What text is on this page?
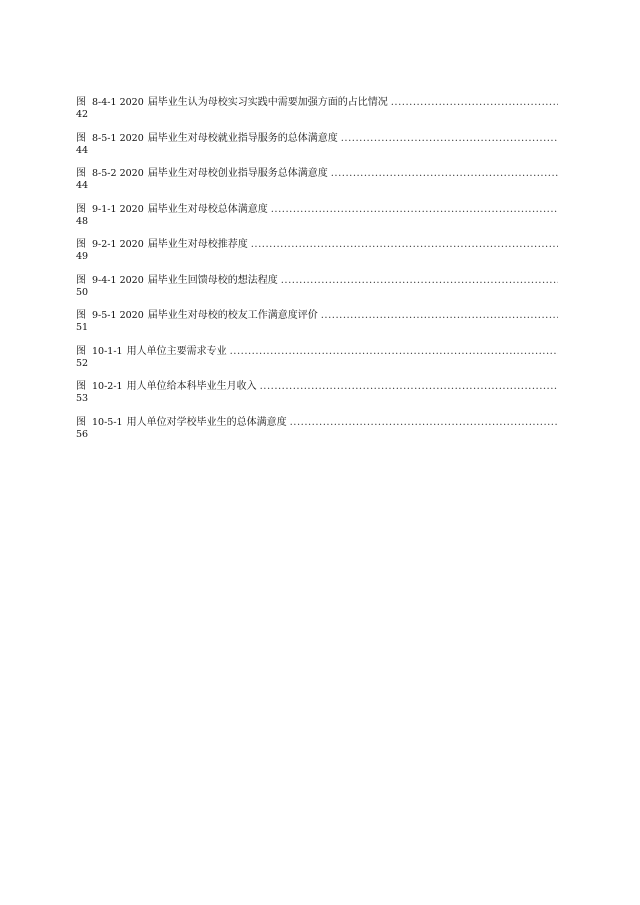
图 8-4-1 2020 届毕业生认为母校实习实践中需要加强方面的占比情况
.....
42
图 8-5-1 2020 届毕业生对母校就业指导服务的总体满意度
.....
44
图 8-5-2 2020 届毕业生对母校创业指导服务总体满意度
.....
44
图 9-1-1 2020 届毕业生对母校总体满意度
.....
48
图 9-2-1 2020 届毕业生对母校推荐度
.....
49
图 9-4-1 2020 届毕业生回馈母校的想法程度
.....
50
图 9-5-1 2020 届毕业生对母校的校友工作满意度评价
.....
51
图 10-1-1 用人单位主要需求专业
.....
52
图 10-2-1 用人单位给本科毕业生月收入
.....
53
图 10-5-1 用人单位对学校毕业生的总体满意度
.....
56
